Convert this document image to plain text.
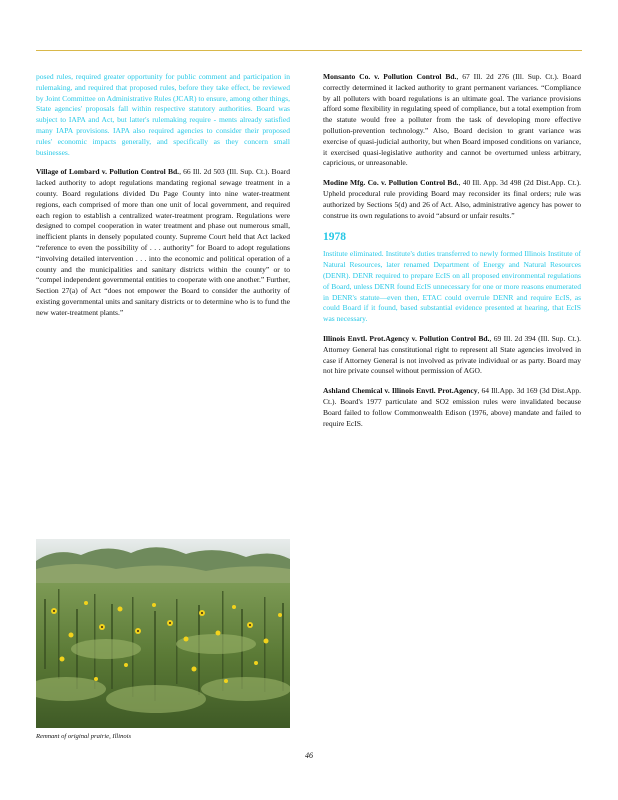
posed rules, required greater opportunity for public comment and participation in rulemaking, and required that proposed rules, before they take effect, be reviewed by Joint Committee on Administrative Rules (JCAR) to ensure, among other things, State agencies' proposals fall within respective statutory authorities. Board was subject to IAPA and Act, but latter's rulemaking require - ments already satisfied many IAPA provisions. IAPA also required agencies to consider their proposed rules' economic impacts generally, and specifically as they concern small businesses.

Village of Lombard v. Pollution Control Bd., 66 Ill. 2d 503 (Ill. Sup. Ct.). Board lacked authority to adopt regulations mandating regional sewage treatment in a county. Board regulations divided Du Page County into nine water-treatment regions, each comprised of more than one unit of local government, and required each region to establish a centralized water-treatment program. Regulations were designed to compel cooperation in water treatment and phase out numerous small, inefficient plants in densely populated county. Supreme Court held that Act lacked “reference to even the possibility of . . . authority” for Board to adopt regulations “involving detailed intervention . . . into the economic and political operation of a county and the municipalities and sanitary districts within the county” or to “compel independent governmental entities to cooperate with one another.” Further, Section 27(a) of Act “does not empower the Board to consider the authority of existing governmental units and sanitary districts or to determine who is to fund the new water-treatment plants.”

Remnant of original prairie, Illinois

Monsanto Co. v. Pollution Control Bd., 67 Ill. 2d 276 (Ill. Sup. Ct.). Board correctly determined it lacked authority to grant permanent variances. “Compliance by all polluters with board regulations is an ultimate goal. The variance provisions afford some flexibility in regulating speed of compliance, but a total exemption from the statute would free a polluter from the task of developing more effective pollution-prevention technology.” Also, Board decision to grant variance was exercise of quasi-judicial authority, but when Board imposed conditions on variance, it exercised quasi-legislative authority and cannot be overturned unless arbitrary, capricious, or unreasonable.

Modine Mfg. Co. v. Pollution Control Bd., 40 Ill. App. 3d 498 (2d Dist.App. Ct.). Upheld procedural rule providing Board may reconsider its final orders; rule was authorized by Sections 5(d) and 26 of Act. Also, administrative agency has power to construe its own regulations to avoid “absurd or unfair results.”

1978

Institute eliminated. Institute's duties transferred to newly formed Illinois Institute of Natural Resources, later renamed Department of Energy and Natural Resources (DENR). DENR required to prepare EcIS on all proposed environmental regulations of Board, unless DENR found EcIS unnecessary for one or more reasons enumerated in DENR's statute—even then, ETAC could overrule DENR and require EcIS, as could Board if it found, based substantial evidence presented at hearing, that EcIS was necessary.

Illinois Envtl. Prot.Agency v. Pollution Control Bd., 69 Ill. 2d 394 (Ill. Sup. Ct.). Attorney General has constitutional right to represent all State agencies involved in case if Attorney General is not involved as private individual or as party. Board may not hire private counsel without permission of AGO.

Ashland Chemical v. Illinois Envtl. Prot.Agency, 64 Ill.App. 3d 169 (3d Dist.App. Ct.). Board's 1977 particulate and SO2 emission rules were invalidated because Board failed to follow Commonwealth Edison (1976, above) mandate and failed to require EcIS.

46
